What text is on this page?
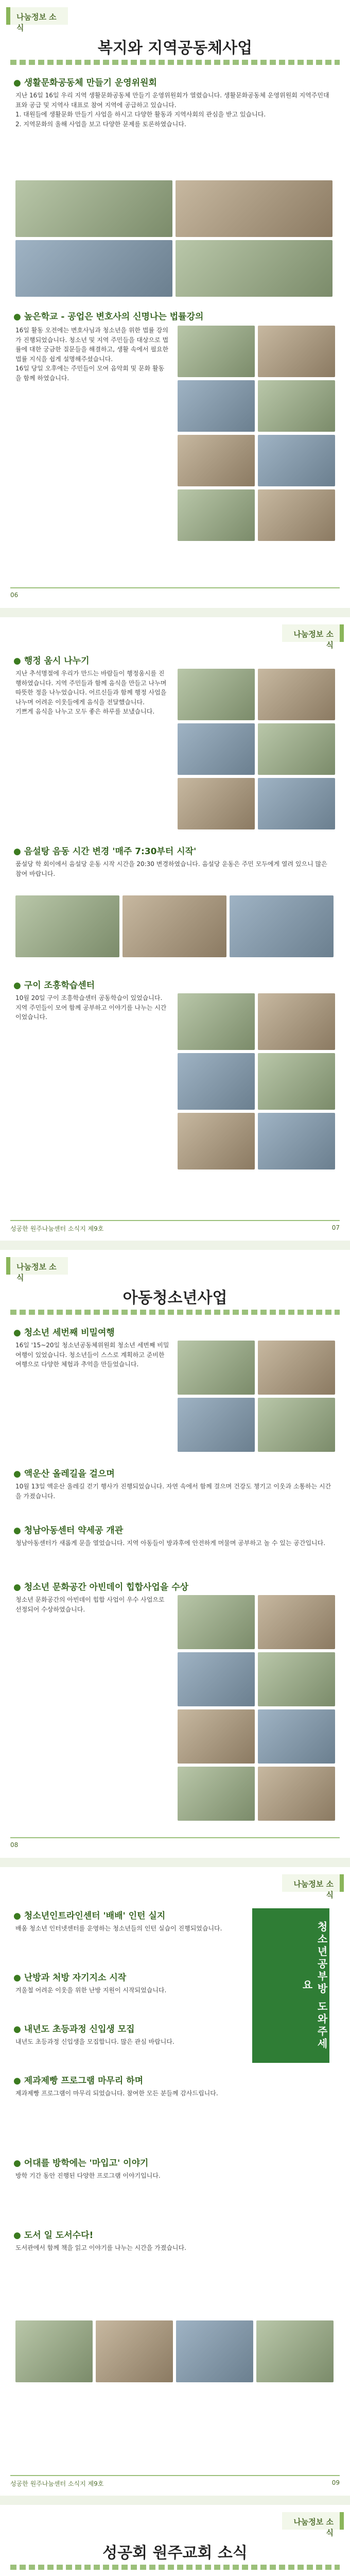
나눔정보 소식
복지와 지역공동체사업
● 생활문화공동체 만들기 운영위원회
지난 16일 16일 우리 지역 생활문화공동체 만들기 운영위원회가 열렸습니다. 생활문화공동체 운영위원회 지역주민대표와 공급 및 지역사 대표로 참여 지역에 공급하고 있습니다.
1. 대원들에 생활문화 만들기 사업을 하시고 다양한 활동과 지역사회의 관심을 받고 있습니다.
2. 지역문화의 올해 사업을 보고 다양한 문제를 토론하였습니다.
● 높은학교 - 공업은 변호사의 신명나는 법률강의
16일 활동 오전에는 변호사님과 청소년을 위한 법률 강의가 진행되었습니다. 청소년 및 지역 주민들을 대상으로 법률에 대한 궁금한 질문들을 해결하고, 생활 속에서 필요한 법률 지식을 쉽게 설명해주셨습니다.
16일 당일 오후에는 주민들이 모여 음악회 및 문화 활동을 함께 하였습니다.
06
나눔정보 소식
● 행정 움시 나누기
지난 추석명절에 우리가 만드는 바람들이 행정움시를 진행하였습니다. 지역 주민들과 함께 음식을 만들고 나누며 따뜻한 정을 나누었습니다. 어르신들과 함께 행정 사업을 나누며 어려운 이웃들에게 음식을 전달했습니다.
기쁘게 음식을 나누고 모두 좋은 하루를 보냈습니다.
● 음설탕 음동 시간 변경 '매주 7:30부터 시작'
품설당 학 회이에서 음설당 운동 시작 시간을 20:30 변경하였습니다. 음설당 운동은 주민 모두에게 열려 있으니 많은 참여 바랍니다.
● 구이 조흥학습센터
10월 20일 구이 조흥학습센터 공동학습이 있었습니다. 지역 주민들이 모여 함께 공부하고 이야기를 나누는 시간이었습니다.
성공한 원주나눔센터 소식지 제9호	07
나눔정보 소식
아동청소년사업
● 청소년 세번째 비밀여행
16일 '15~20일 청소년공동체위원회 청소년 세번째 비밀여행이 있었습니다. 청소년들이 스스로 계획하고 준비한 여행으로 다양한 체험과 추억을 만들었습니다.
● 액운산 올레길을 걸으며
10월 13일 액운산 올레길 걷기 행사가 진행되었습니다. 자연 속에서 함께 걸으며 건강도 챙기고 이웃과 소통하는 시간을 가졌습니다.
● 청남아동센터 약세공 개관
청남아동센터가 새롭게 문을 열었습니다. 지역 아동들이 방과후에 안전하게 머물며 공부하고 놀 수 있는 공간입니다.
● 청소년 문화공간 아빈데이 힙합사업을 수상
청소년 문화공간의 아빈데이 힙합 사업이 우수 사업으로 선정되어 수상하였습니다.
08
나눔정보 소식
청소년공부방 도와주세요
● 청소년인트라인센터 '배배' 인턴 실지
배움 청소년 인터넷센터를 운영하는 청소년들의 인턴 실습이 진행되었습니다.
● 난방과 처방 자기지소 시작
겨울철 어려운 이웃을 위한 난방 지원이 시작되었습니다.
● 내년도 초등과정 신입생 모집
내년도 초등과정 신입생을 모집합니다. 많은 관심 바랍니다.
● 제과제빵 프로그램 마무리 하며
제과제빵 프로그램이 마무리 되었습니다. 참여한 모든 분들께 감사드립니다.
● 어대를 방학에는 '마입고' 이야기
방학 기간 동안 진행된 다양한 프로그램 이야기입니다.
● 도서 일 도서수다!
도서관에서 함께 책을 읽고 이야기를 나누는 시간을 가졌습니다.
성공한 원주나눔센터 소식지 제9호	09
나눔정보 소식
성공회 원주교회 소식
